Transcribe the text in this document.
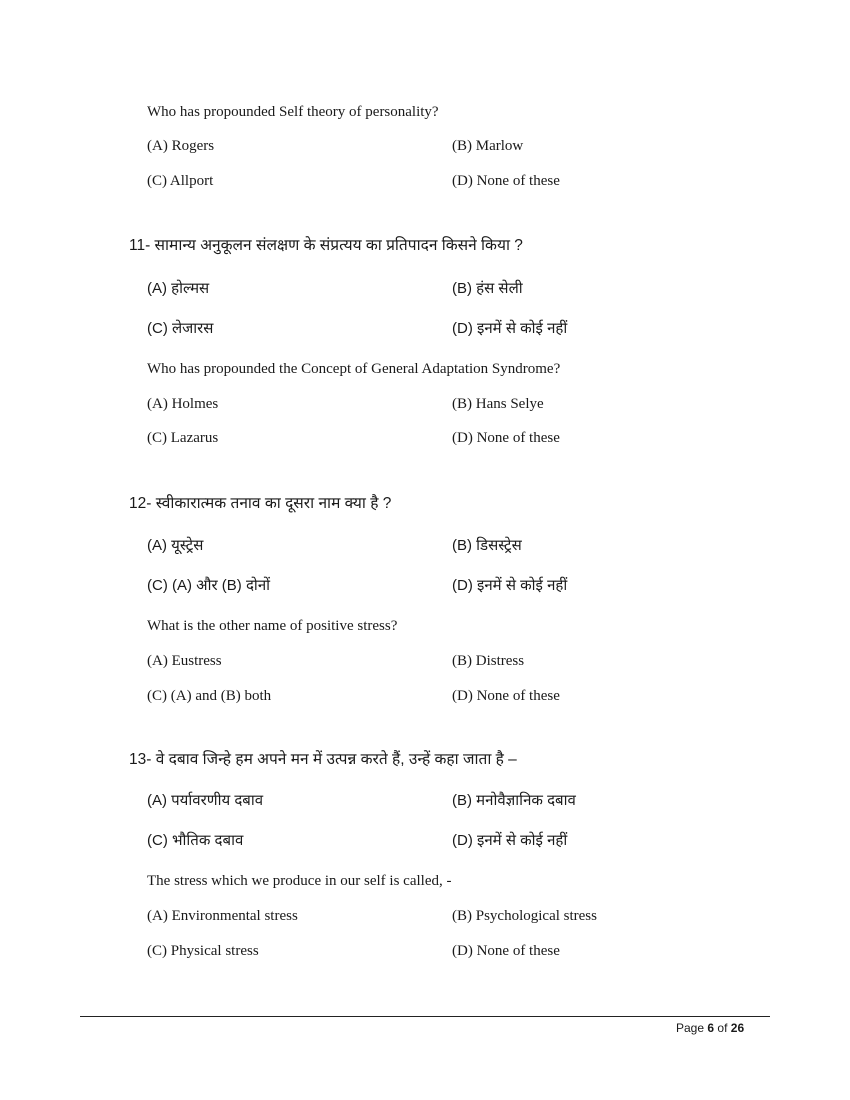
Who has propounded Self theory of personality?
(A) Rogers	(B) Marlow
(C) Allport	(D) None of these
11- सामान्य अनुकूलन संलक्षण के संप्रत्यय का प्रतिपादन किसने किया ?
(A) होल्मस	(B) हंस सेली
(C) लेजारस	(D) इनमें से कोई नहीं
Who has propounded the Concept of General Adaptation Syndrome?
(A) Holmes	(B) Hans Selye
(C) Lazarus	(D) None of these
12- स्वीकारात्मक तनाव का दूसरा नाम क्या है ?
(A) यूस्ट्रेस	(B) डिसस्ट्रेस
(C) (A) और (B) दोनों	(D) इनमें से कोई नहीं
What is the other name of positive stress?
(A) Eustress	(B) Distress
(C) (A) and (B) both	(D) None of these
13- वे दबाव जिन्हे हम अपने मन में उत्पन्न करते हैं, उन्हें कहा जाता है –
(A) पर्यावरणीय दबाव	(B) मनोवैज्ञानिक दबाव
(C) भौतिक दबाव	(D) इनमें से कोई नहीं
The stress which we produce in our self is called, -
(A) Environmental stress	(B) Psychological stress
(C) Physical stress	(D) None of these
Page 6 of 26
